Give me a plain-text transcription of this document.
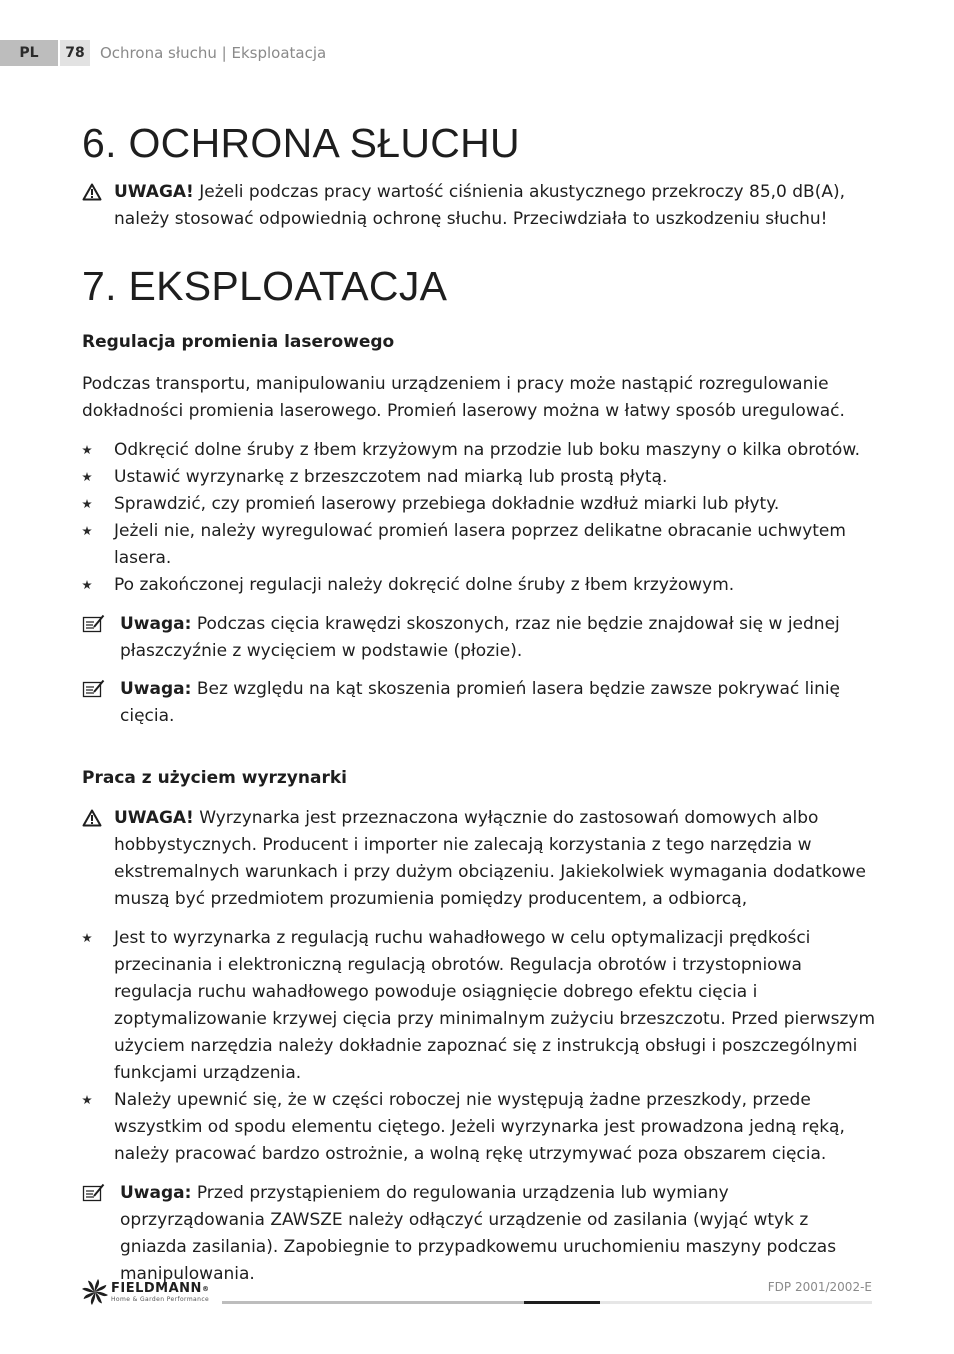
PL	78	Ochrona słuchu | Eksploatacja
6. OCHRONA SŁUCHU
UWAGA! Jeżeli podczas pracy wartość ciśnienia akustycznego przekroczy 85,0 dB(A), należy stosować odpowiednią ochronę słuchu. Przeciwdziała to uszkodzeniu słuchu!
7. EKSPLOATACJA
Regulacja promienia laserowego

Podczas transportu, manipulowaniu urządzeniem i pracy może nastąpić rozregulowanie dokładności promienia laserowego. Promień laserowy można w łatwy sposób uregulować.

Odkręcić dolne śruby z łbem krzyżowym na przodzie lub boku maszyny o kilka obrotów.
Ustawić wyrzynarkę z brzeszczotem nad miarką lub prostą płytą.
Sprawdzić, czy promień laserowy przebiega dokładnie wzdłuż miarki lub płyty.
Jeżeli nie, należy wyregulować promień lasera poprzez delikatne obracanie uchwytem lasera.
Po zakończonej regulacji należy dokręcić dolne śruby z łbem krzyżowym.
Uwaga: Podczas cięcia krawędzi skoszonych, rzaz nie będzie znajdował się w jednej płaszczyźnie z wycięciem w podstawie (płozie).
Uwaga: Bez względu na kąt skoszenia promień lasera będzie zawsze pokrywać linię cięcia.
Praca z użyciem wyrzynarki
UWAGA! Wyrzynarka jest przeznaczona wyłącznie do zastosowań domowych albo hobbystycznych. Producent i importer nie zalecają korzystania z tego narzędzia w ekstremalnych warunkach i przy dużym obciązeniu. Jakiekolwiek wymagania dodatkowe muszą być przedmiotem prozumienia pomiędzy producentem, a odbiorcą,
Jest to wyrzynarka z regulacją ruchu wahadłowego w celu optymalizacji prędkości przecinania i elektroniczną regulacją obrotów. Regulacja obrotów i trzystopniowa regulacja ruchu wahadłowego powoduje osiągnięcie dobrego efektu cięcia i zoptymalizowanie krzywej cięcia przy minimalnym zużyciu brzeszczotu. Przed pierwszym użyciem narzędzia należy dokładnie zapoznać się z instrukcją obsługi i poszczególnymi funkcjami urządzenia.
Należy upewnić się, że w części roboczej nie występują żadne przeszkody, przede wszystkim od spodu elementu ciętego. Jeżeli wyrzynarka jest prowadzona jedną ręką, należy pracować bardzo ostrożnie, a wolną rękę utrzymywać poza obszarem cięcia.
Uwaga: Przed przystąpieniem do regulowania urządzenia lub wymiany oprzyrządowania ZAWSZE należy odłączyć urządzenie od zasilania (wyjąć wtyk z gniazda zasilania). Zapobiegnie to przypadkowemu uruchomieniu maszyny podczas manipulowania.
FIELDMANN®
Home & Garden Performance
FDP 2001/2002-E
